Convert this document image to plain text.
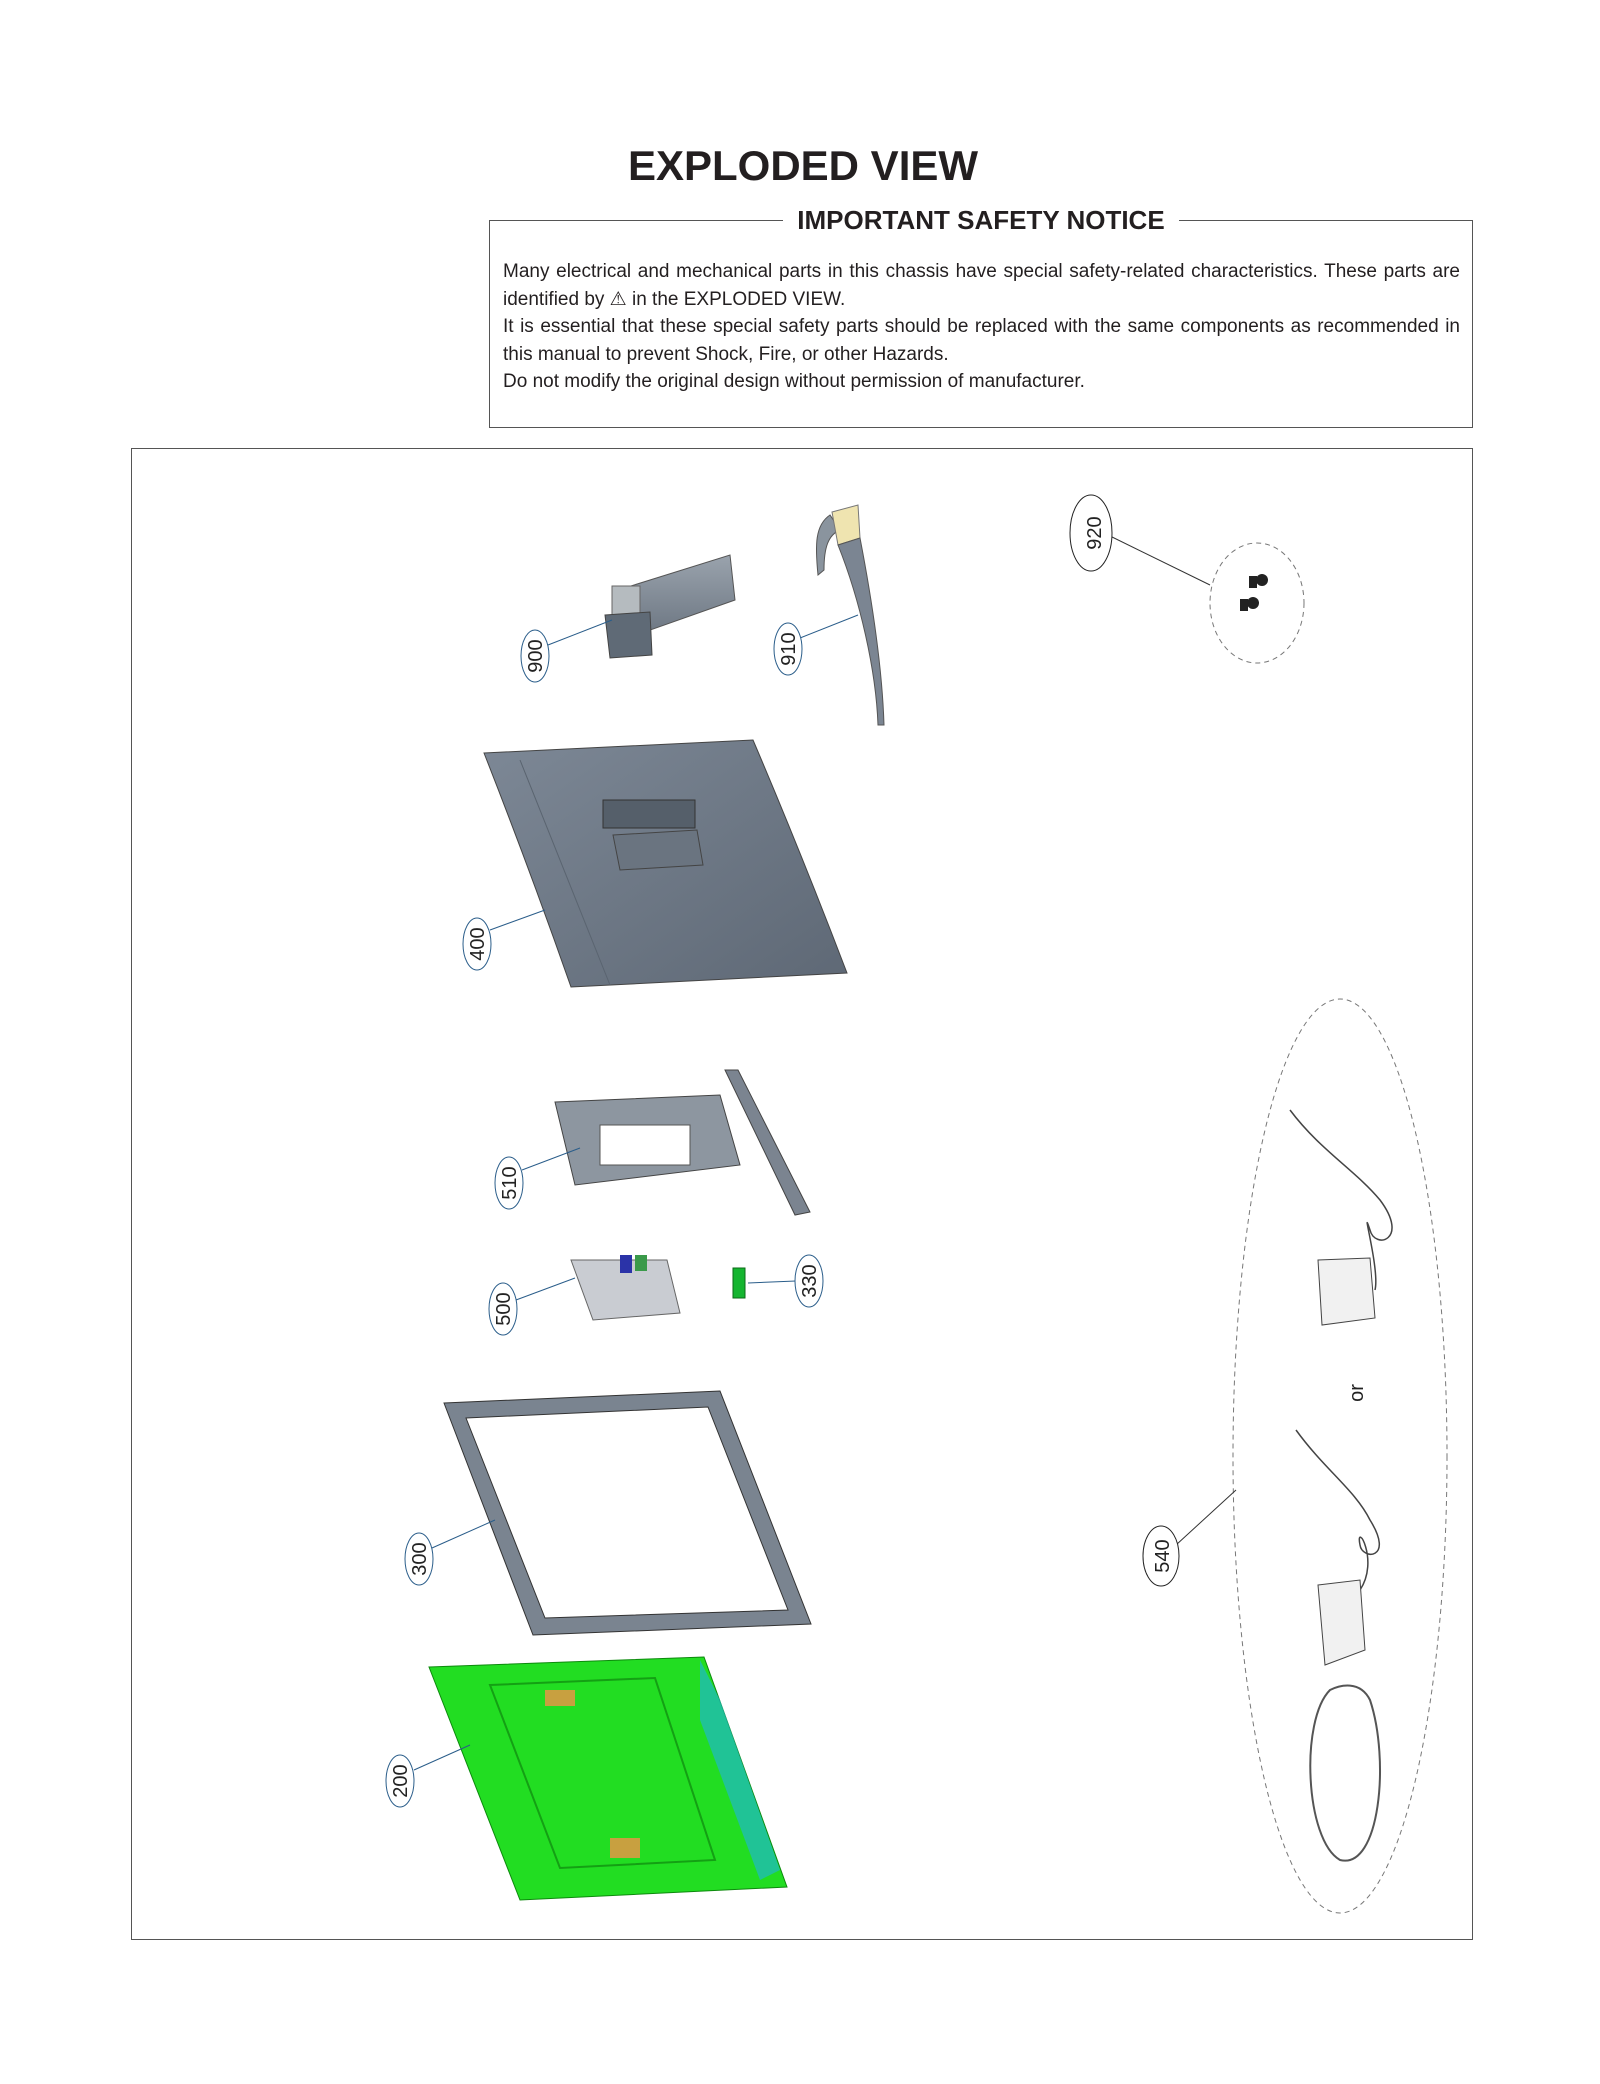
EXPLODED VIEW
IMPORTANT SAFETY NOTICE

Many electrical and mechanical parts in this chassis have special safety-related characteristics. These parts are identified by ⚠ in the EXPLODED VIEW.

It is essential that these special safety parts should be replaced with the same components as recommended in this manual to prevent Shock, Fire, or other Hazards.

Do not modify the original design without permission of manufacturer.

or
900	910
920
400
510
500
330
300
200
540
